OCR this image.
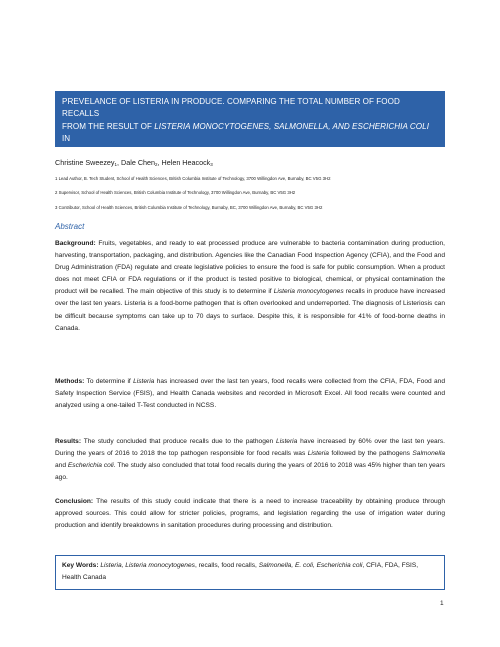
PREVELANCE OF LISTERIA IN PRODUCE. COMPARING THE TOTAL NUMBER OF FOOD RECALLS
FROM THE RESULT OF LISTERIA MONOCYTOGENES, SALMONELLA, AND ESCHERICHIA COLI IN
THE LAST TEN YEARS USING THREE YEAR INTERVALS
Christine Sweezey$_1$, Dale Chen$_2$, Helen Heacock$_3$
1 Lead Author, B. Tech Student, School of Health Sciences, British Columbia Institute of Technology, 3700 Willingdon Ave, Burnaby, BC V5G 3H2
2 Supervisor, School of Health Sciences, British Columbia Institute of Technology, 3700 Willingdon Ave, Burnaby, BC V5G 3H2
3 Contributor, School of Health Sciences, British Columbia Institute of Technology, Burnaby, BC, 3700 Willingdon Ave, Burnaby, BC V5G 3H2
Abstract
Background: Fruits, vegetables, and ready to eat processed produce are vulnerable to bacteria contamination during production, harvesting, transportation, packaging, and distribution. Agencies like the Canadian Food Inspection Agency (CFIA), and the Food and Drug Administration (FDA) regulate and create legislative policies to ensure the food is safe for public consumption. When a product does not meet CFIA or FDA regulations or if the product is tested positive to biological, chemical, or physical contamination the product will be recalled. The main objective of this study is to determine if Listeria monocytogenes recalls in produce have increased over the last ten years. Listeria is a food-borne pathogen that is often overlooked and underreported. The diagnosis of Listeriosis can be difficult because symptoms can take up to 70 days to surface. Despite this, it is responsible for 41% of food-borne deaths in Canada.
Methods: To determine if Listeria has increased over the last ten years, food recalls were collected from the CFIA, FDA, Food and Safety Inspection Service (FSIS), and Health Canada websites and recorded in Microsoft Excel. All food recalls were counted and analyzed using a one-tailed T-Test conducted in NCSS.
Results: The study concluded that produce recalls due to the pathogen Listeria have increased by 60% over the last ten years. During the years of 2016 to 2018 the top pathogen responsible for food recalls was Listeria followed by the pathogens Salmonella and Escherichia coli. The study also concluded that total food recalls during the years of 2016 to 2018 was 45% higher than ten years ago.
Conclusion: The results of this study could indicate that there is a need to increase traceability by obtaining produce through approved sources. This could allow for stricter policies, programs, and legislation regarding the use of irrigation water during production and identify breakdowns in sanitation procedures during processing and distribution.
Key Words: Listeria, Listeria monocytogenes, recalls, food recalls, Salmonella, E. coli, Escherichia coli, CFIA, FDA, FSIS, Health Canada
1
